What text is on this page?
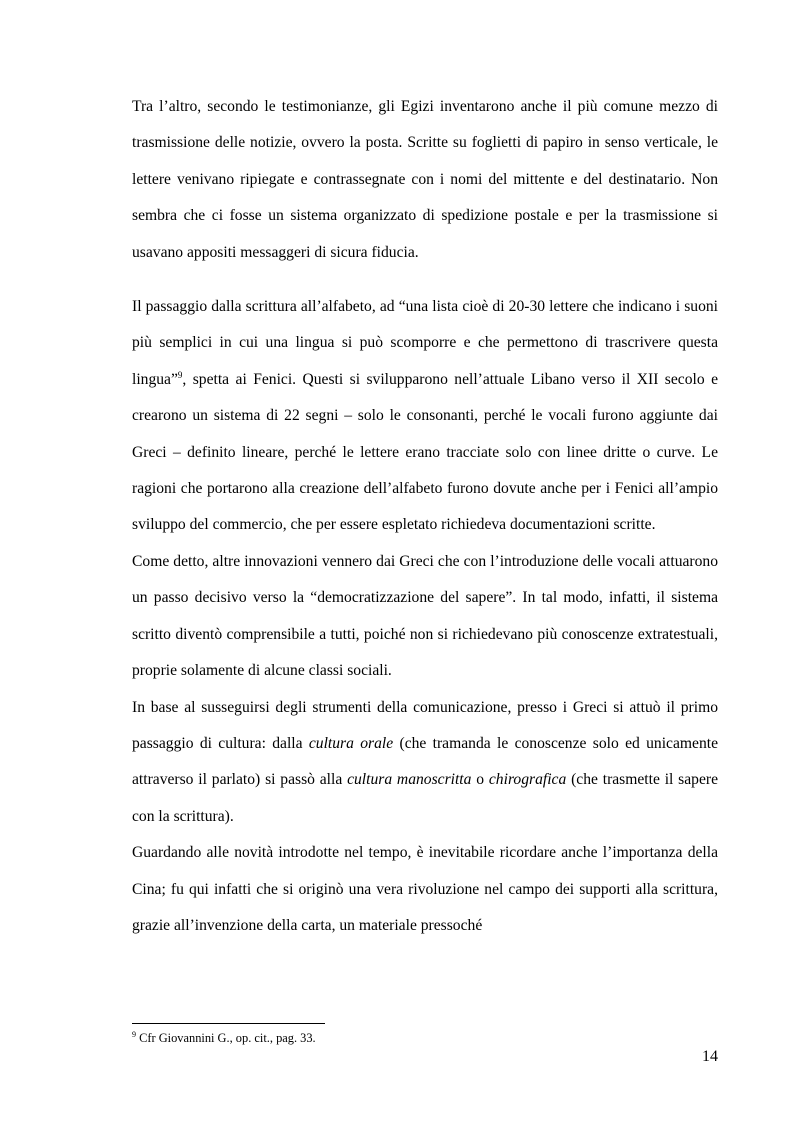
Tra l’altro, secondo le testimonianze, gli Egizi inventarono anche il più comune mezzo di trasmissione delle notizie, ovvero la posta. Scritte su foglietti di papiro in senso verticale, le lettere venivano ripiegate e contrassegnate con i nomi del mittente e del destinatario. Non sembra che ci fosse un sistema organizzato di spedizione postale e per la trasmissione si usavano appositi messaggeri di sicura fiducia.

Il passaggio dalla scrittura all’alfabeto, ad “una lista cioè di 20-30 lettere che indicano i suoni più semplici in cui una lingua si può scomporre e che permettono di trascrivere questa lingua”$^9$, spetta ai Fenici. Questi si svilupparono nell’attuale Libano verso il XII secolo e crearono un sistema di 22 segni – solo le consonanti, perché le vocali furono aggiunte dai Greci – definito lineare, perché le lettere erano tracciate solo con linee dritte o curve. Le ragioni che portarono alla creazione dell’alfabeto furono dovute anche per i Fenici all’ampio sviluppo del commercio, che per essere espletato richiedeva documentazioni scritte.

Come detto, altre innovazioni vennero dai Greci che con l’introduzione delle vocali attuarono un passo decisivo verso la “democratizzazione del sapere”. In tal modo, infatti, il sistema scritto diventò comprensibile a tutti, poiché non si richiedevano più conoscenze extratestuali, proprie solamente di alcune classi sociali.

In base al susseguirsi degli strumenti della comunicazione, presso i Greci si attuò il primo passaggio di cultura: dalla cultura orale (che tramanda le conoscenze solo ed unicamente attraverso il parlato) si passò alla cultura manoscritta o chirografica (che trasmette il sapere con la scrittura).

Guardando alle novità introdotte nel tempo, è inevitabile ricordare anche l’importanza della Cina; fu qui infatti che si originò una vera rivoluzione nel campo dei supporti alla scrittura, grazie all’invenzione della carta, un materiale pressoché

$^9$ Cfr Giovannini G., op. cit., pag. 33.
14
